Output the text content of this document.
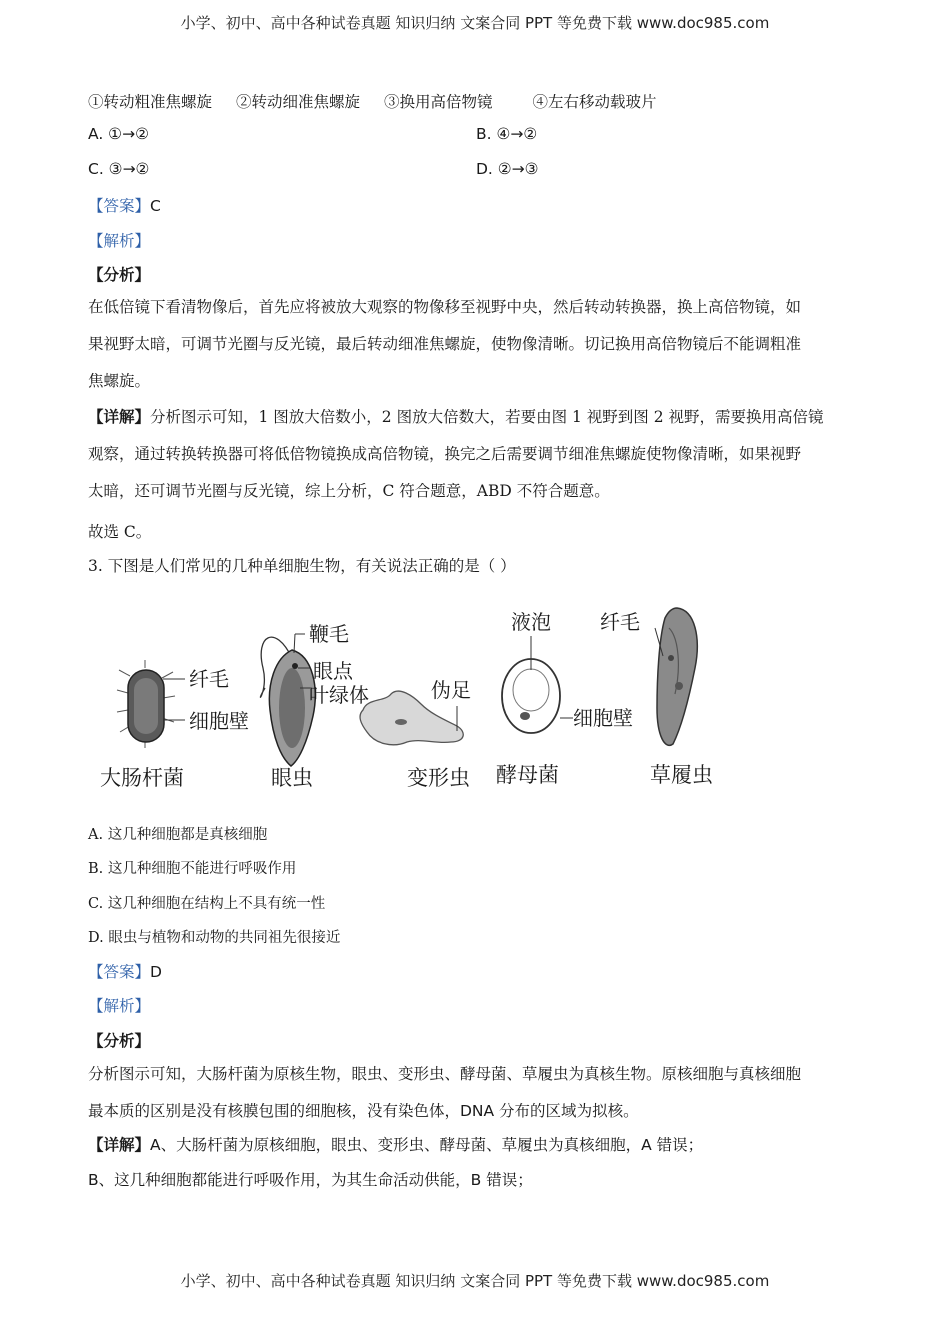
小学、初中、高中各种试卷真题 知识归纳 文案合同 PPT 等免费下载 www.doc985.com
①转动粗准焦螺旋 ②转动细准焦螺旋 ③换用高倍物镜	④左右移动载玻片
A. ①→②	B. ④→②
C. ③→②	D. ②→③
【答案】C
【解析】
【分析】

在低倍镜下看清物像后，首先应将被放大观察的物像移至视野中央，然后转动转换器，换上高倍物镜，如

果视野太暗，可调节光圈与反光镜，最后转动细准焦螺旋，使物像清晰。切记换用高倍物镜后不能调粗准

焦螺旋。

【详解】分析图示可知，1 图放大倍数小，2 图放大倍数大，若要由图 1 视野到图 2 视野，需要换用高倍镜

观察，通过转换转换器可将低倍物镜换成高倍物镜，换完之后需要调节细准焦螺旋使物像清晰，如果视野

太暗，还可调节光圈与反光镜，综上分析，C 符合题意，ABD 不符合题意。

故选 C。
3. 下图是人们常见的几种单细胞生物，有关说法正确的是（ ）
纤毛
细胞壁
大肠杆菌
鞭毛
眼点
叶绿体
眼虫
伪足
变形虫
液泡
细胞壁
酵母菌
纤毛
草履虫
A. 这几种细胞都是真核细胞
B. 这几种细胞不能进行呼吸作用
C. 这几种细胞在结构上不具有统一性
D. 眼虫与植物和动物的共同祖先很接近
【答案】D
【解析】
【分析】

分析图示可知，大肠杆菌为原核生物，眼虫、变形虫、酵母菌、草履虫为真核生物。原核细胞与真核细胞

最本质的区别是没有核膜包围的细胞核，没有染色体，DNA 分布的区域为拟核。

【详解】A、大肠杆菌为原核细胞，眼虫、变形虫、酵母菌、草履虫为真核细胞，A 错误；

B、这几种细胞都能进行呼吸作用，为其生命活动供能，B 错误；

小学、初中、高中各种试卷真题 知识归纳 文案合同 PPT 等免费下载 www.doc985.com
